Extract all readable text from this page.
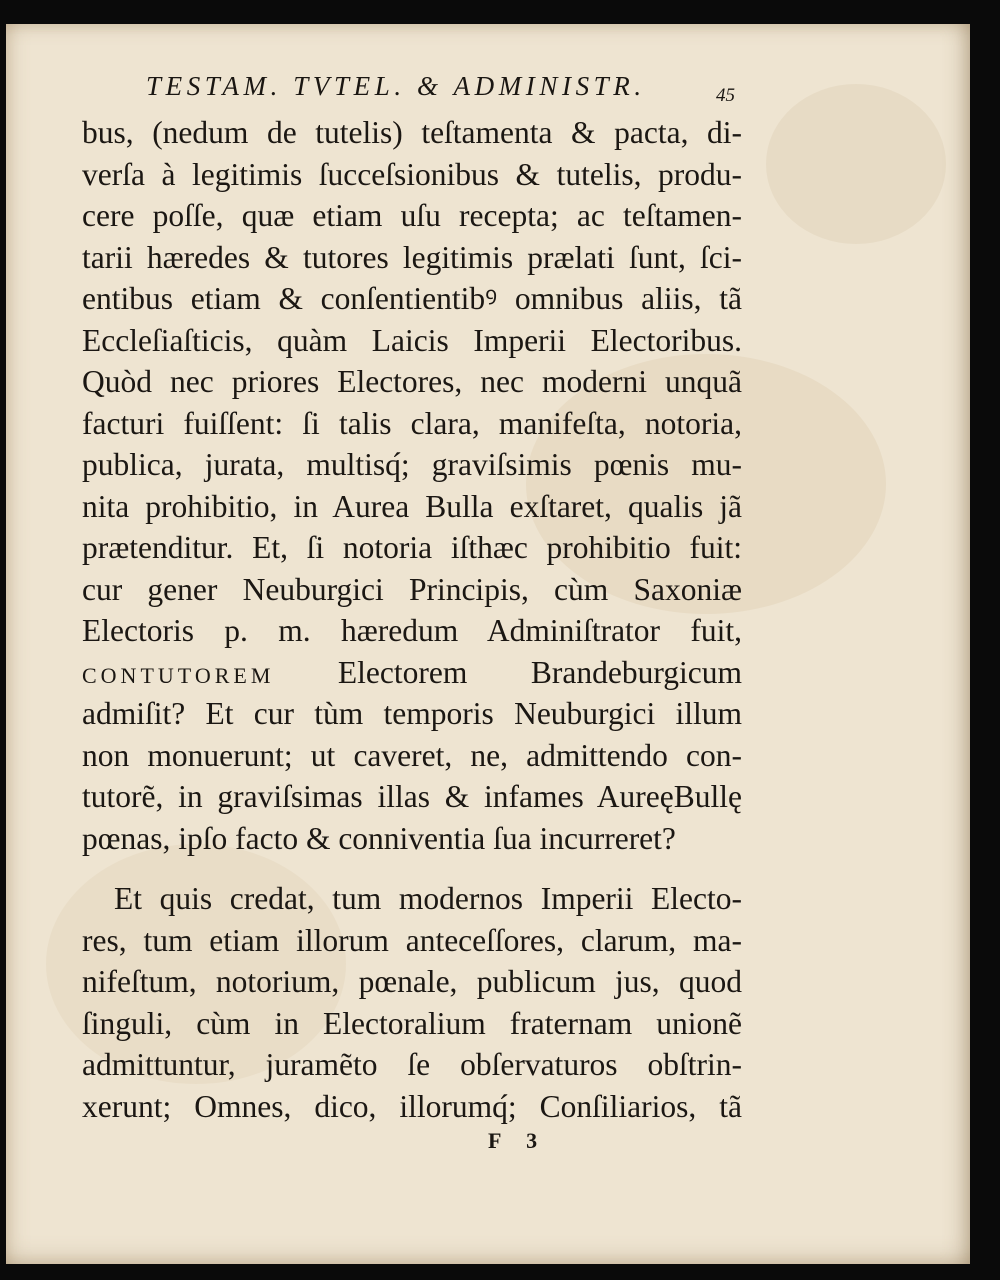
TESTAM. TVTEL. & ADMINISTR.	45
bus, (nedum de tutelis) teſtamenta & pacta, di-
verſa à legitimis ſucceſsionibus & tutelis, produ-
cere poſſe, quæ etiam uſu recepta; ac teſtamen-
tarii hæredes & tutores legitimis prælati ſunt, ſci-
entibus etiam & conſentientibꝰ omnibus aliis, tã
Eccleſiaſticis, quàm Laicis Imperii Electoribus.
Quòd nec priores Electores, nec moderni unquã
facturi fuiſſent: ſi talis clara, manifeſta, notoria,
publica, jurata, multisq́; graviſsimis pœnis mu-
nita prohibitio, in Aurea Bulla exſtaret, qualis jã
prætenditur. Et, ſi notoria iſthæc prohibitio fuit:
cur gener Neuburgici Principis, cùm Saxoniæ
Electoris p. m. hæredum Adminiſtrator fuit,
CONTUTOREM Electorem Brandeburgicum
admiſit? Et cur tùm temporis Neuburgici illum
non monuerunt; ut caveret, ne, admittendo con-
tutorẽ, in graviſsimas illas & infames AureęBullę
pœnas, ipſo facto & conniventia ſua incurreret?
Et quis credat, tum modernos Imperii Electo-
res, tum etiam illorum anteceſſores, clarum, ma-
nifeſtum, notorium, pœnale, publicum jus, quod
ſinguli, cùm in Electoralium fraternam unionẽ
admittuntur, juramẽto ſe obſervaturos obſtrin-
xerunt; Omnes, dico, illorumq́; Conſiliarios, tã
F 3
